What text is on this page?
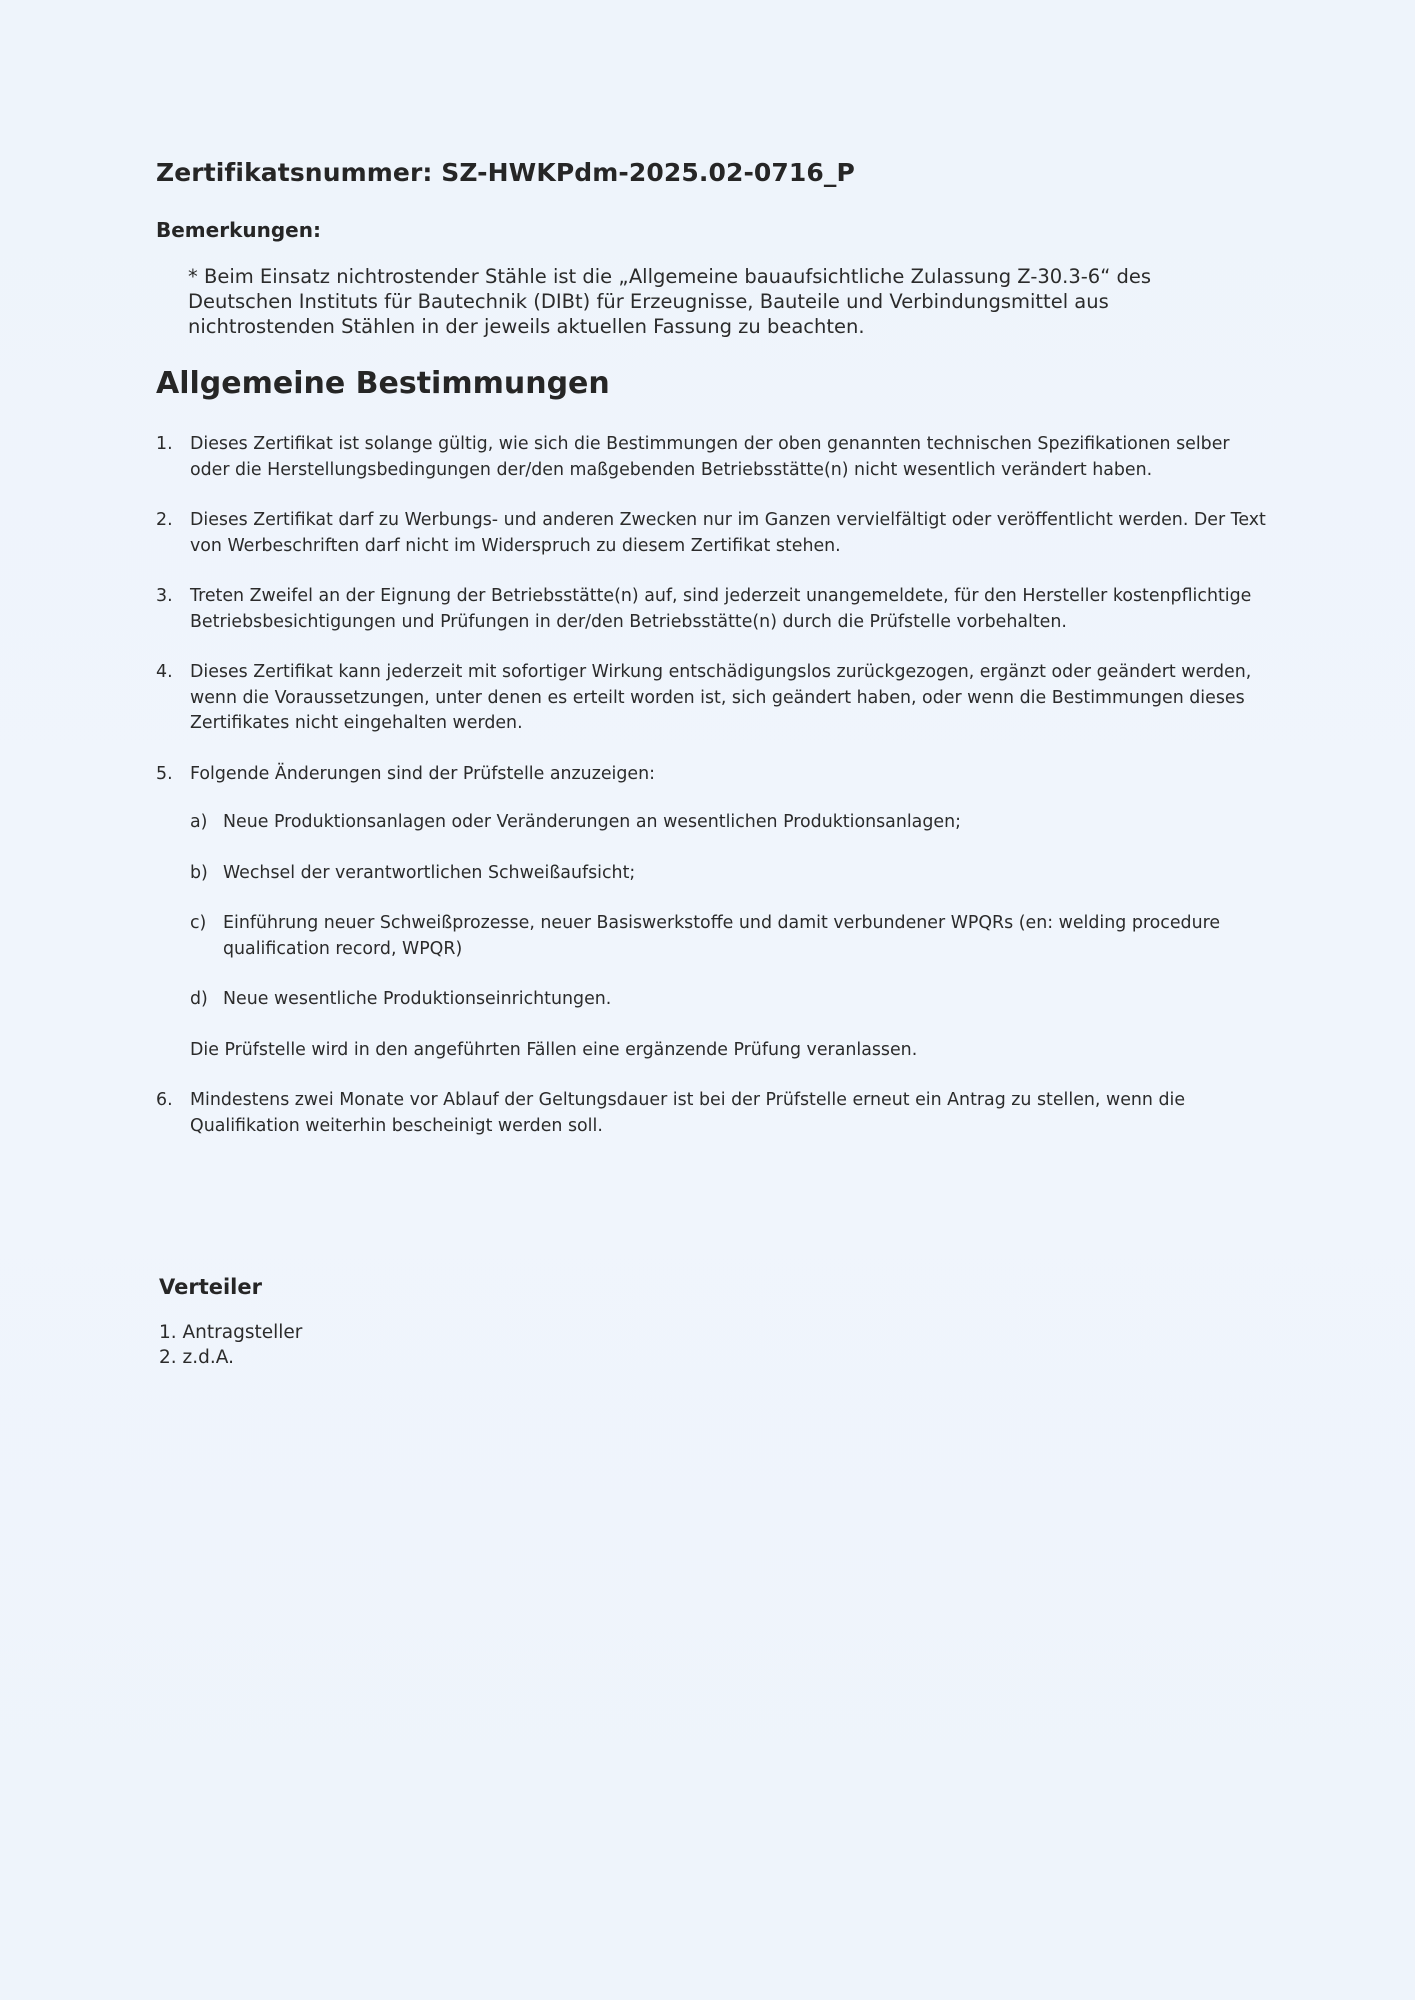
Zertifikatsnummer: SZ-HWKPdm-2025.02-0716_P
Bemerkungen:
* Beim Einsatz nichtrostender Stähle ist die „Allgemeine bauaufsichtliche Zulassung Z-30.3-6“ des Deutschen Instituts für Bautechnik (DIBt) für Erzeugnisse, Bauteile und Verbindungsmittel aus nichtrostenden Stählen in der jeweils aktuellen Fassung zu beachten.
Allgemeine Bestimmungen
1. Dieses Zertifikat ist solange gültig, wie sich die Bestimmungen der oben genannten technischen Spezifikationen selber oder die Herstellungsbedingungen der/den maßgebenden Betriebsstätte(n) nicht wesentlich verändert haben.
2. Dieses Zertifikat darf zu Werbungs- und anderen Zwecken nur im Ganzen vervielfältigt oder veröffentlicht werden. Der Text von Werbeschriften darf nicht im Widerspruch zu diesem Zertifikat stehen.
3. Treten Zweifel an der Eignung der Betriebsstätte(n) auf, sind jederzeit unangemeldete, für den Hersteller kostenpflichtige Betriebsbesichtigungen und Prüfungen in der/den Betriebsstätte(n) durch die Prüfstelle vorbehalten.
4. Dieses Zertifikat kann jederzeit mit sofortiger Wirkung entschädigungslos zurückgezogen, ergänzt oder geändert werden, wenn die Voraussetzungen, unter denen es erteilt worden ist, sich geändert haben, oder wenn die Bestimmungen dieses Zertifikates nicht eingehalten werden.
5. Folgende Änderungen sind der Prüfstelle anzuzeigen:
a) Neue Produktionsanlagen oder Veränderungen an wesentlichen Produktionsanlagen;
b) Wechsel der verantwortlichen Schweißaufsicht;
c) Einführung neuer Schweißprozesse, neuer Basiswerkstoffe und damit verbundener WPQRs (en: welding procedure qualification record, WPQR)
d) Neue wesentliche Produktionseinrichtungen.
Die Prüfstelle wird in den angeführten Fällen eine ergänzende Prüfung veranlassen.
6. Mindestens zwei Monate vor Ablauf der Geltungsdauer ist bei der Prüfstelle erneut ein Antrag zu stellen, wenn die Qualifikation weiterhin bescheinigt werden soll.
Verteiler
1. Antragsteller
2. z.d.A.
